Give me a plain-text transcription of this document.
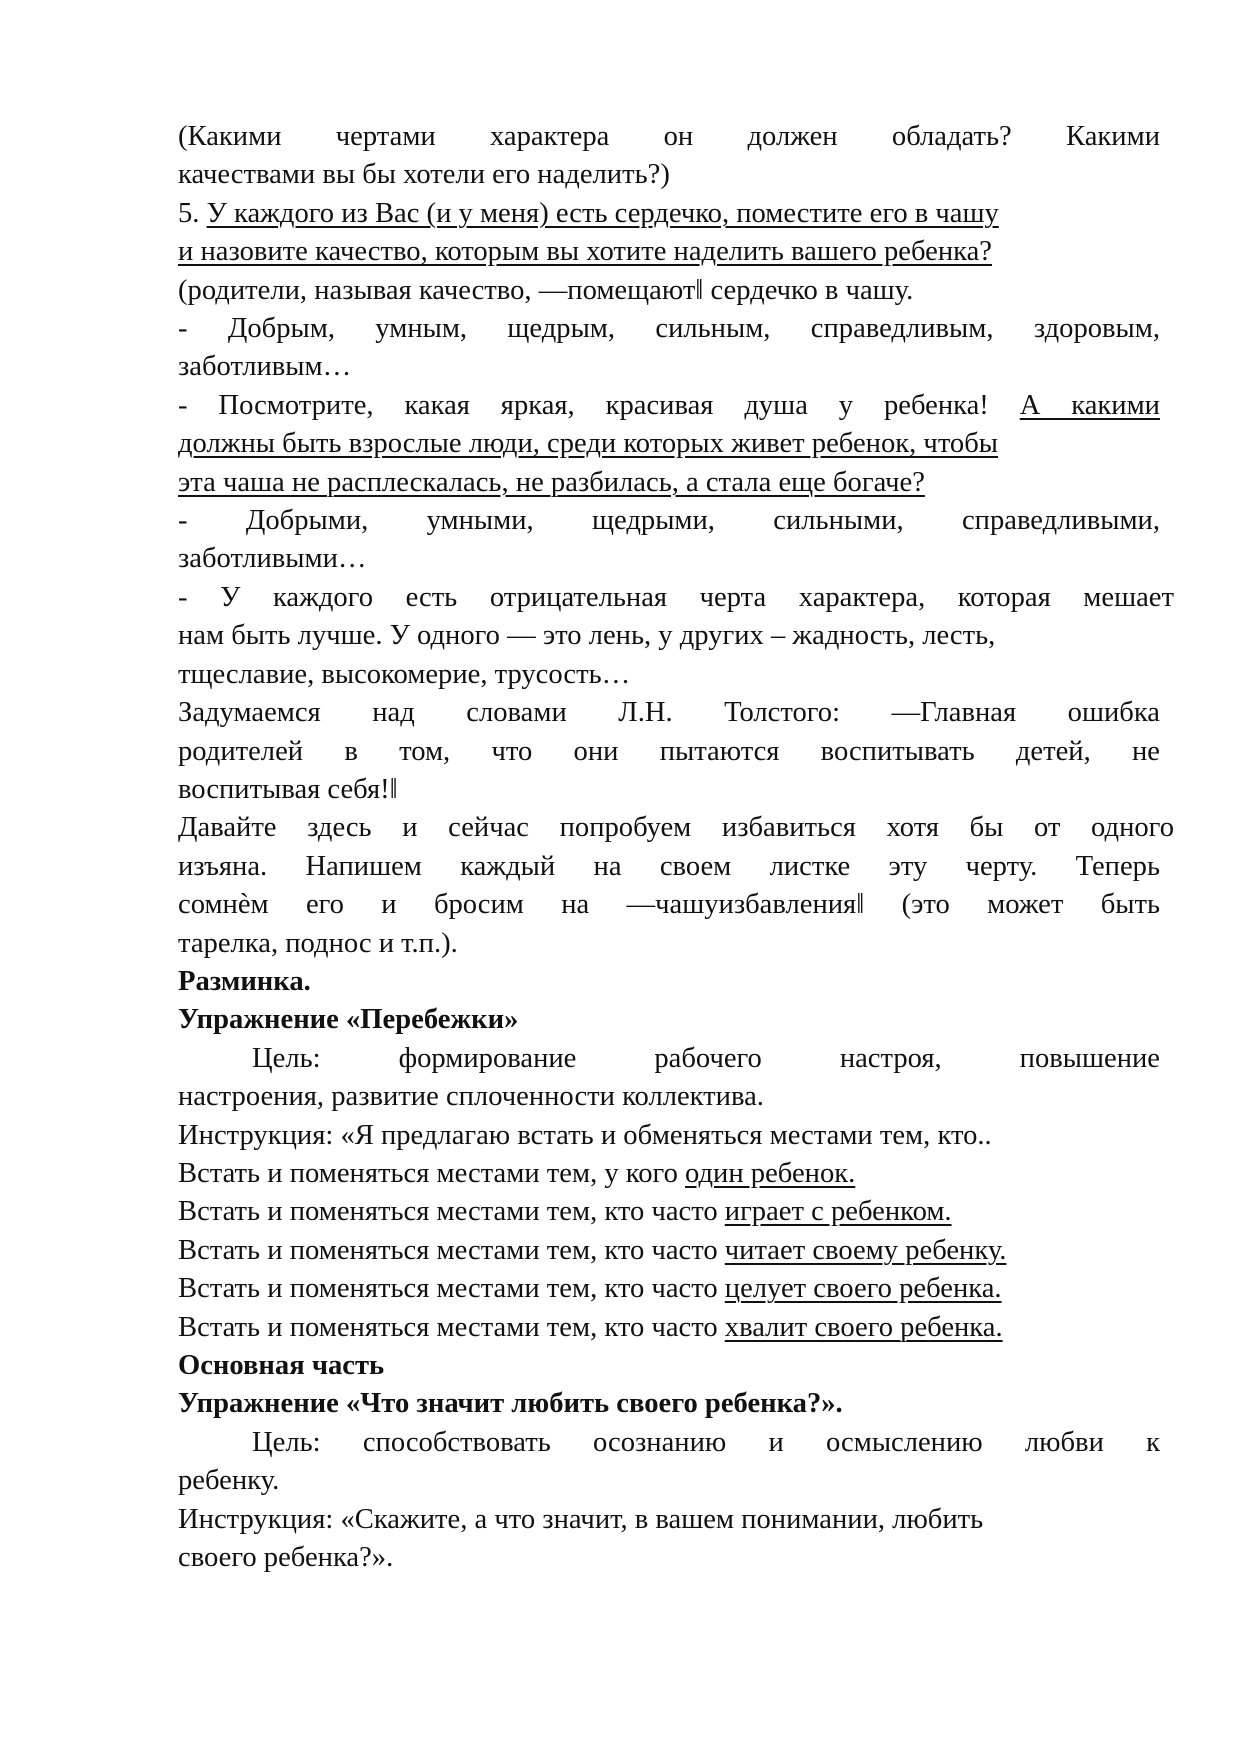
(Какими чертами характера он должен обладать? Какими

качествами вы бы хотели его наделить?)

5. У каждого из Вас (и у меня) есть сердечко, поместите его в чашу

и назовите качество, которым вы хотите наделить вашего ребенка?

(родители, называя качество, ―помещают‖ сердечко в чашу.

- Добрым, умным, щедрым, сильным, справедливым, здоровым,

заботливым…

- Посмотрите, какая яркая, красивая душа у ребенка! А какими

должны быть взрослые люди, среди которых живет ребенок, чтобы

эта чаша не расплескалась, не разбилась, а стала еще богаче?

- Добрыми, умными, щедрыми, сильными, справедливыми,

заботливыми…

- У каждого есть отрицательная черта характера, которая мешает

нам быть лучше. У одного — это лень, у других – жадность, лесть,

тщеславие, высокомерие, трусость…

Задумаемся над словами Л.Н. Толстого: ―Главная ошибка

родителей в том, что они пытаются воспитывать детей, не

воспитывая себя!‖

Давайте здесь и сейчас попробуем избавиться хотя бы от одного

изъяна. Напишем каждый на своем листке эту черту. Теперь

сомнѐм его и бросим на ―чашуизбавления‖ (это может быть

тарелка, поднос и т.п.).

Разминка.

Упражнение «Перебежки»

Цель: формирование рабочего настроя, повышение

настроения, развитие сплоченности коллектива.

Инструкция: «Я предлагаю встать и обменяться местами тем, кто..

Встать и поменяться местами тем, у кого один ребенок.

Встать и поменяться местами тем, кто часто играет с ребенком.

Встать и поменяться местами тем, кто часто читает своему ребенку.

Встать и поменяться местами тем, кто часто целует своего ребенка.

Встать и поменяться местами тем, кто часто хвалит своего ребенка.

Основная часть

Упражнение «Что значит любить своего ребенка?».

Цель: способствовать осознанию и осмыслению любви к

ребенку.

Инструкция: «Скажите, а что значит, в вашем понимании, любить

своего ребенка?».
